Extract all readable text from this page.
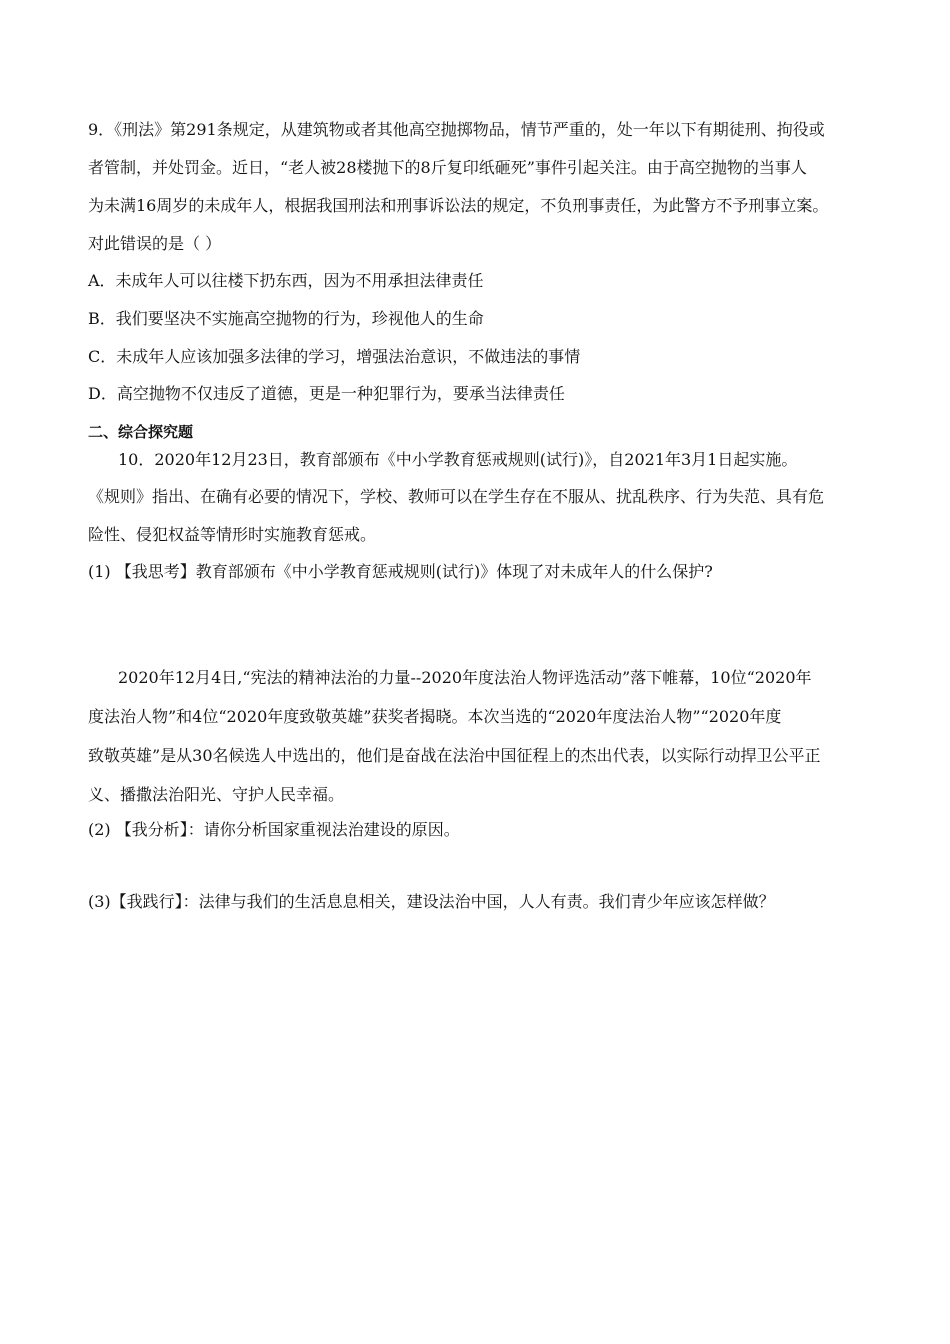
9．《刑法》第291条规定，从建筑物或者其他高空抛掷物品，情节严重的，处一年以下有期徒刑、拘役或
者管制，并处罚金。近日，“老人被28楼抛下的8斤复印纸砸死”事件引起关注。由于高空抛物的当事人
为未满16周岁的未成年人，根据我国刑法和刑事诉讼法的规定，不负刑事责任，为此警方不予刑事立案。
对此错误的是（ ）
A．未成年人可以往楼下扔东西，因为不用承担法律责任
B．我们要坚决不实施高空抛物的行为，珍视他人的生命
C．未成年人应该加强多法律的学习，增强法治意识，不做违法的事情
D．高空抛物不仅违反了道德，更是一种犯罪行为，要承当法律责任
二、综合探究题
10．2020年12月23日，教育部颁布《中小学教育惩戒规则(试行)》，自2021年3月1日起实施。
《规则》指出、在确有必要的情况下，学校、教师可以在学生存在不服从、扰乱秩序、行为失范、具有危
险性、侵犯权益等情形时实施教育惩戒。
(1) 【我思考】教育部颁布《中小学教育惩戒规则(试行)》体现了对未成年人的什么保护?
2020年12月4日,“宪法的精神法治的力量--2020年度法治人物评选活动”落下帷幕，10位“2020年
度法治人物”和4位“2020年度致敬英雄”获奖者揭晓。本次当选的“2020年度法治人物”“2020年度
致敬英雄”是从30名候选人中选出的，他们是奋战在法治中国征程上的杰出代表，以实际行动捍卫公平正
义、播撒法治阳光、守护人民幸福。
(2) 【我分析】：请你分析国家重视法治建设的原因。
(3)【我践行】：法律与我们的生活息息相关，建设法治中国，人人有责。我们青少年应该怎样做？
